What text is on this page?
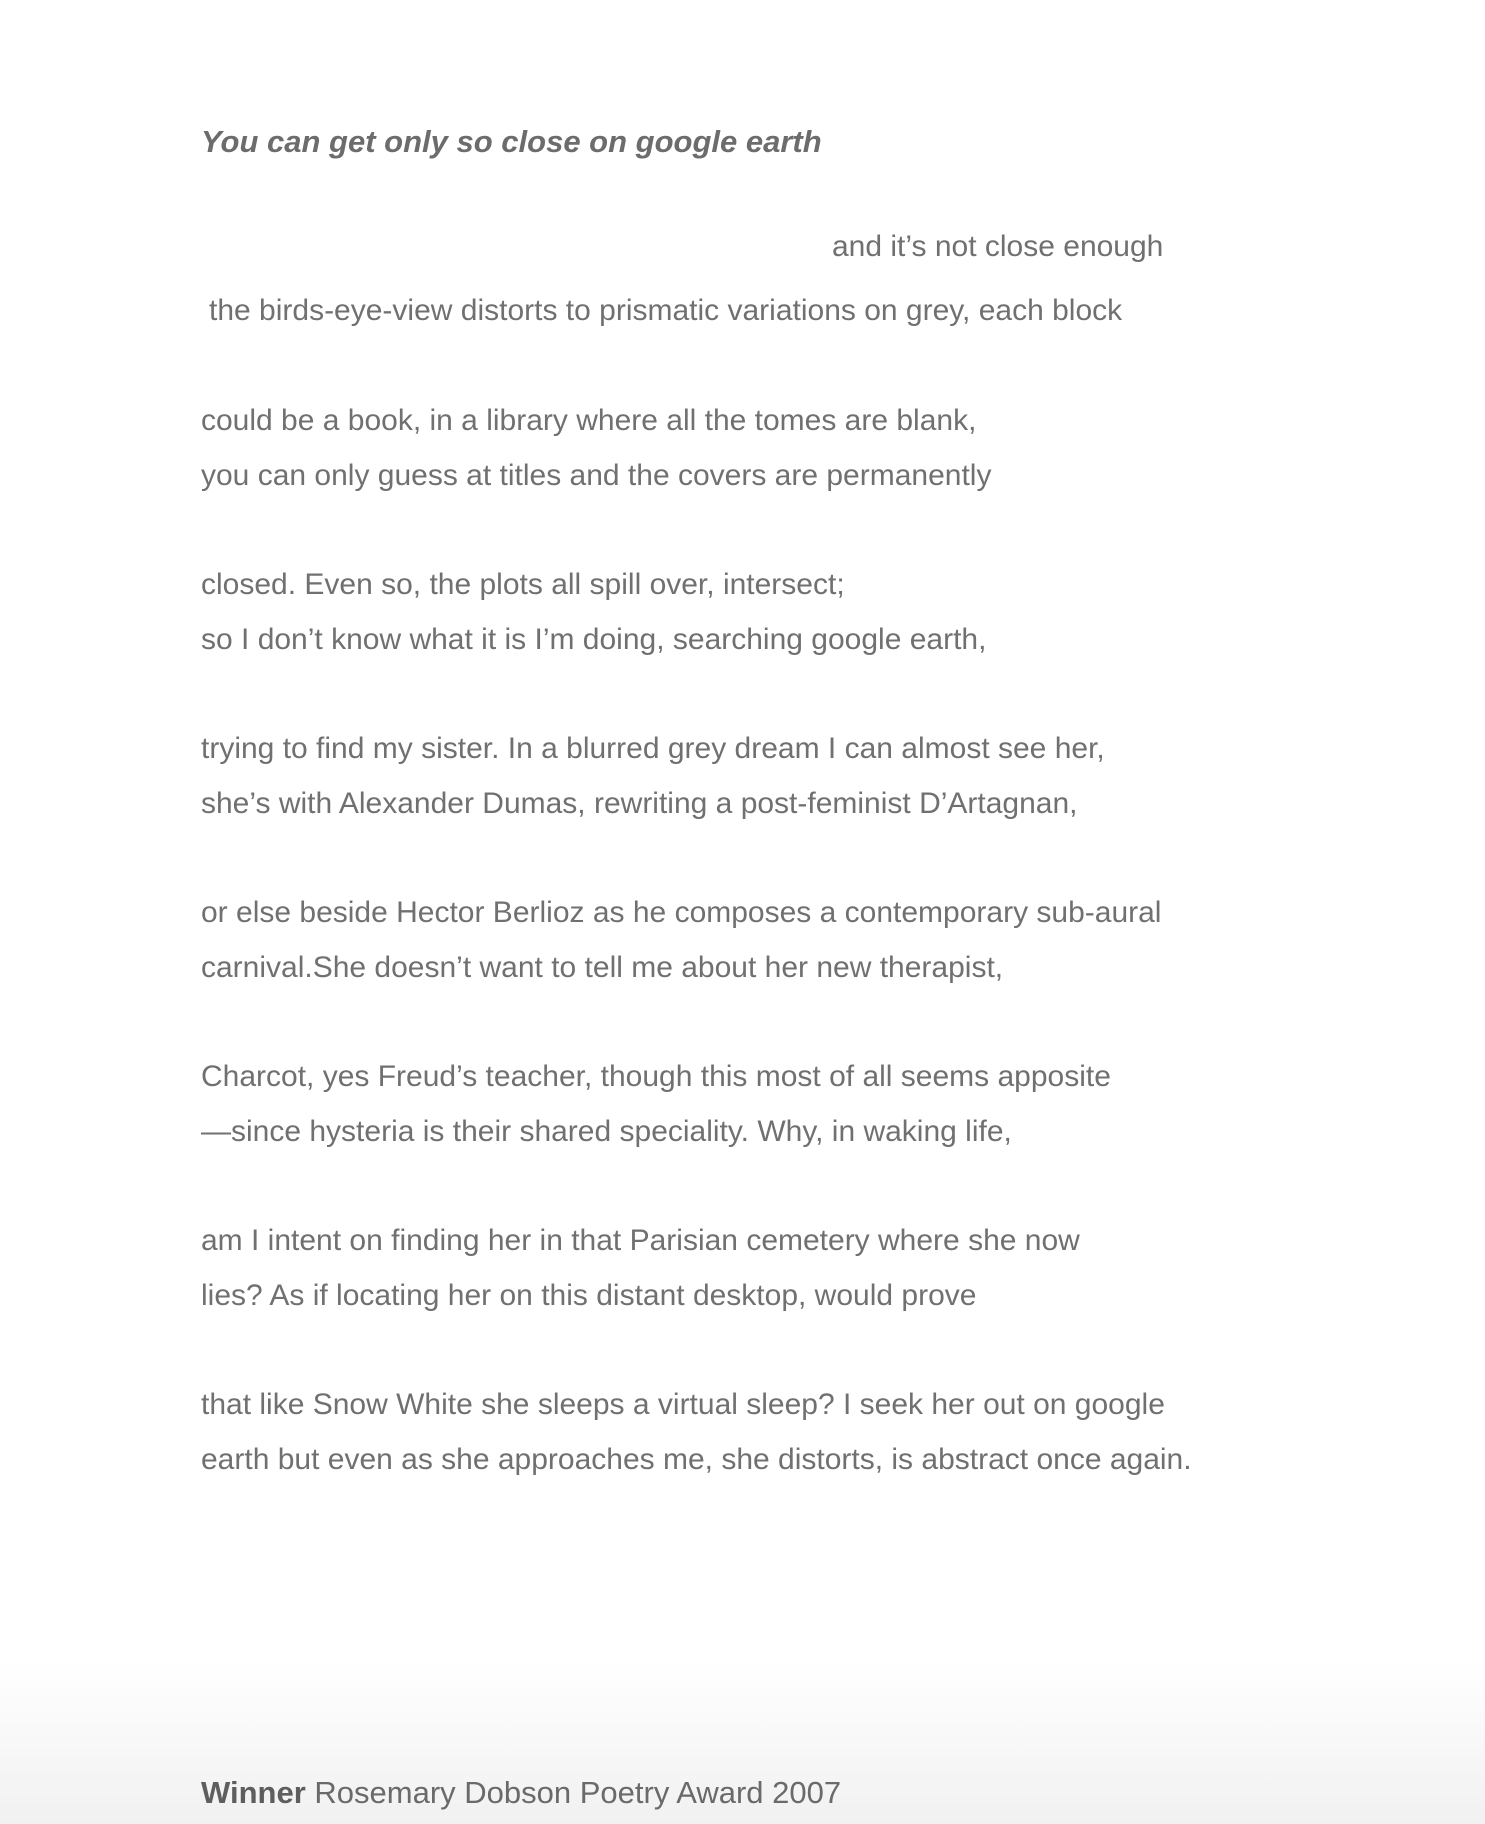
You can get only so close on google earth
and it’s not close enough
the birds-eye-view distorts to prismatic variations on grey, each block
could be a book, in a library where all the tomes are blank,
you can only guess at titles and the covers are permanently
closed. Even so, the plots all spill over, intersect;
so I don’t know what it is I’m doing, searching google earth,
trying to find my sister. In a blurred grey dream I can almost see her,
she’s with Alexander Dumas, rewriting a post-feminist D’Artagnan,
or else beside Hector Berlioz as he composes a contemporary sub-aural
carnival.She doesn’t want to tell me about her new therapist,
Charcot, yes Freud’s teacher, though this most of all seems apposite
—since hysteria is their shared speciality. Why, in waking life,
am I intent on finding her in that Parisian cemetery where she now
lies? As if locating her on this distant desktop, would prove
that like Snow White she sleeps a virtual sleep? I seek her out on google
earth but even as she approaches me, she distorts, is abstract once again.
Winner Rosemary Dobson Poetry Award 2007
